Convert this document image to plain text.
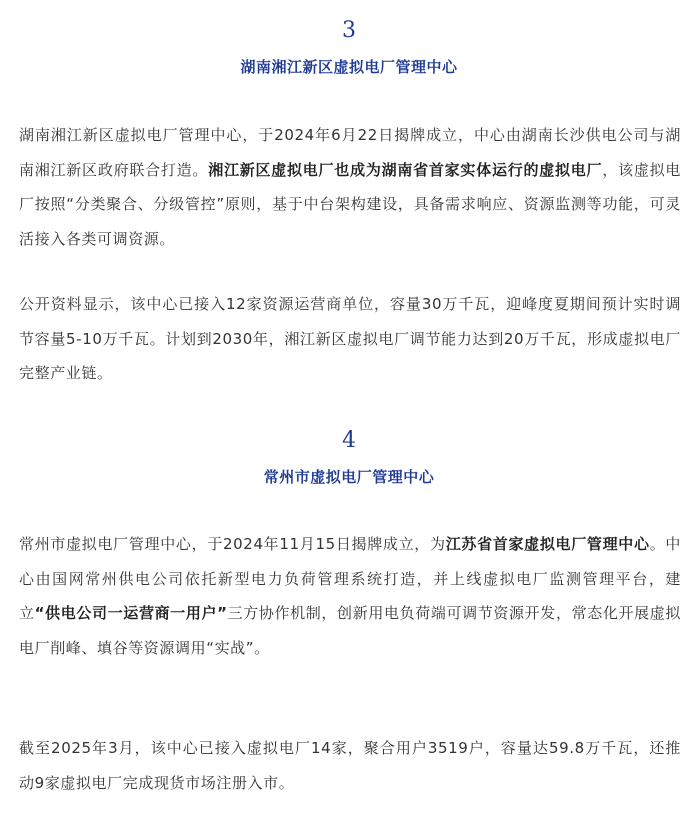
3
湖南湘江新区虚拟电厂管理中心

湖南湘江新区虚拟电厂管理中心，于2024年6月22日揭牌成立，中心由湖南长沙供电公司与湖南湘江新区政府联合打造。湘江新区虚拟电厂也成为湖南省首家实体运行的虚拟电厂，该虚拟电厂按照“分类聚合、分级管控”原则，基于中台架构建设，具备需求响应、资源监测等功能，可灵活接入各类可调资源。

公开资料显示，该中心已接入12家资源运营商单位，容量30万千瓦，迎峰度夏期间预计实时调节容量5-10万千瓦。计划到2030年，湘江新区虚拟电厂调节能力达到20万千瓦，形成虚拟电厂完整产业链。

4
常州市虚拟电厂管理中心

常州市虚拟电厂管理中心，于2024年11月15日揭牌成立，为江苏省首家虚拟电厂管理中心。中心由国网常州供电公司依托新型电力负荷管理系统打造，并上线虚拟电厂监测管理平台，建立“供电公司一运营商一用户”三方协作机制，创新用电负荷端可调节资源开发，常态化开展虚拟电厂削峰、填谷等资源调用“实战”。

截至2025年3月，该中心已接入虚拟电厂14家，聚合用户3519户，容量达59.8万千瓦，还推动9家虚拟电厂完成现货市场注册入市。
